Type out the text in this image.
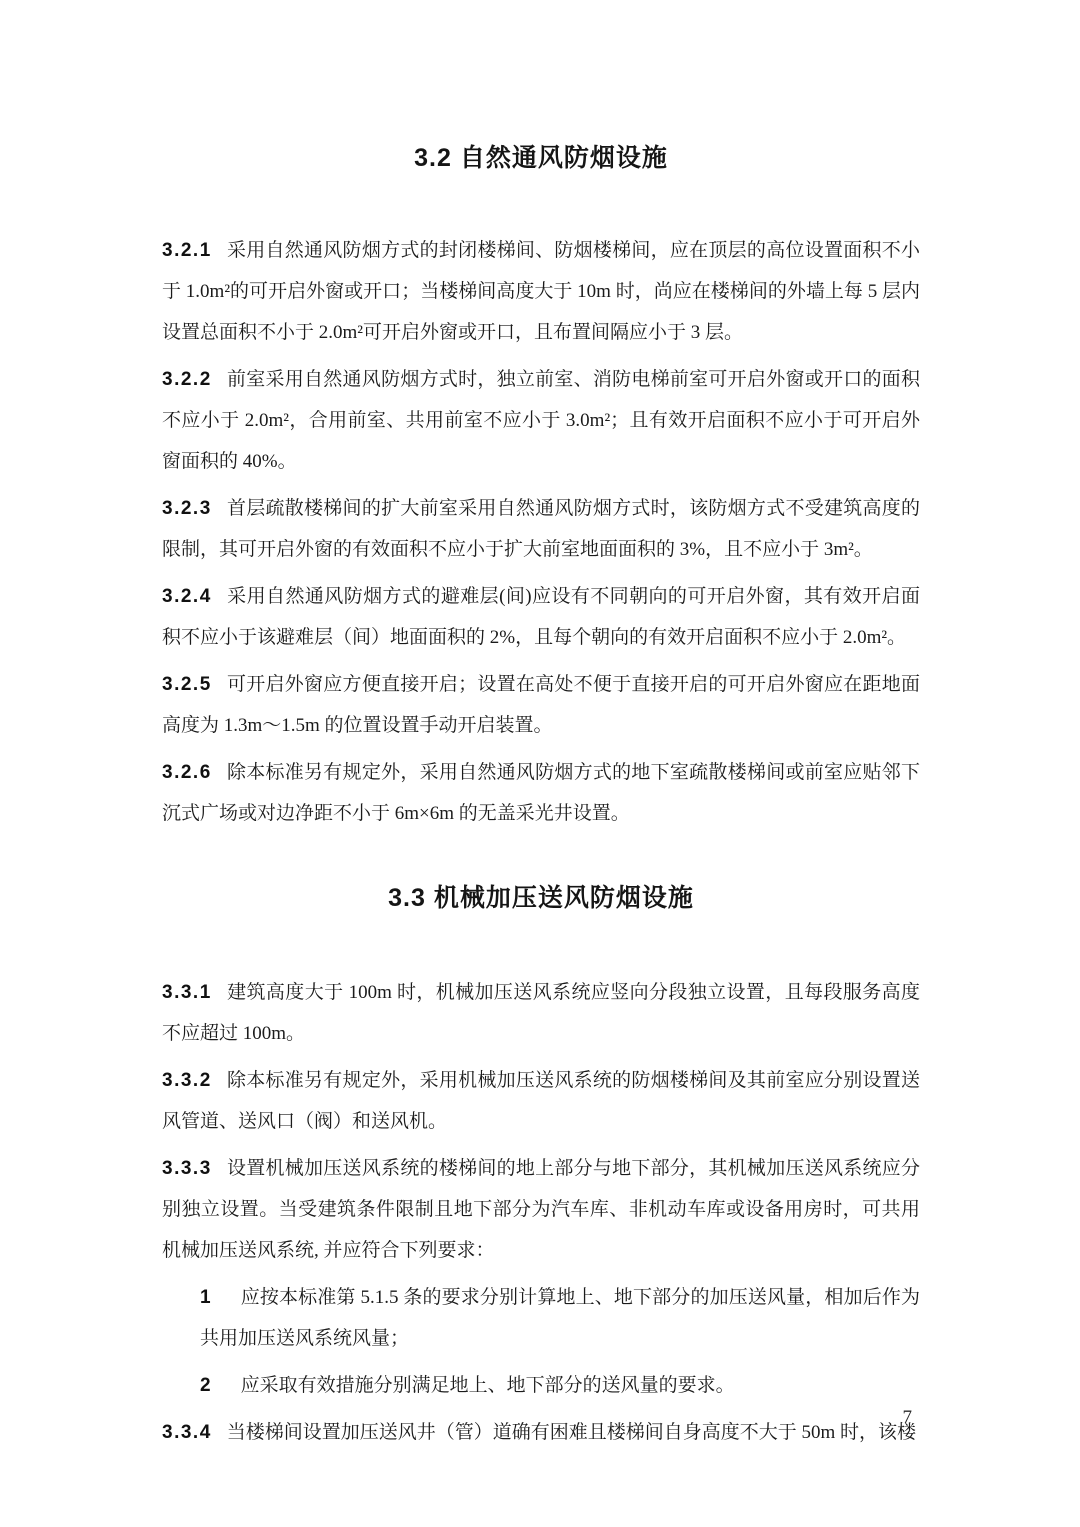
3.2 自然通风防烟设施

3.2.1 采用自然通风防烟方式的封闭楼梯间、防烟楼梯间，应在顶层的高位设置面积不小于 1.0m²的可开启外窗或开口；当楼梯间高度大于 10m 时，尚应在楼梯间的外墙上每 5 层内设置总面积不小于 2.0m²可开启外窗或开口，且布置间隔应小于 3 层。

3.2.2 前室采用自然通风防烟方式时，独立前室、消防电梯前室可开启外窗或开口的面积不应小于 2.0m²，合用前室、共用前室不应小于 3.0m²；且有效开启面积不应小于可开启外窗面积的 40%。

3.2.3 首层疏散楼梯间的扩大前室采用自然通风防烟方式时，该防烟方式不受建筑高度的限制，其可开启外窗的有效面积不应小于扩大前室地面面积的 3%，且不应小于 3m²。

3.2.4 采用自然通风防烟方式的避难层(间)应设有不同朝向的可开启外窗，其有效开启面积不应小于该避难层（间）地面面积的 2%，且每个朝向的有效开启面积不应小于 2.0m²。

3.2.5 可开启外窗应方便直接开启；设置在高处不便于直接开启的可开启外窗应在距地面高度为 1.3m～1.5m 的位置设置手动开启装置。

3.2.6 除本标准另有规定外，采用自然通风防烟方式的地下室疏散楼梯间或前室应贴邻下沉式广场或对边净距不小于 6m×6m 的无盖采光井设置。

3.3 机械加压送风防烟设施

3.3.1 建筑高度大于 100m 时，机械加压送风系统应竖向分段独立设置，且每段服务高度不应超过 100m。

3.3.2 除本标准另有规定外，采用机械加压送风系统的防烟楼梯间及其前室应分别设置送风管道、送风口（阀）和送风机。

3.3.3 设置机械加压送风系统的楼梯间的地上部分与地下部分，其机械加压送风系统应分别独立设置。当受建筑条件限制且地下部分为汽车库、非机动车库或设备用房时，可共用机械加压送风系统, 并应符合下列要求：

1 应按本标准第 5.1.5 条的要求分别计算地上、地下部分的加压送风量，相加后作为共用加压送风系统风量；

2 应采取有效措施分别满足地上、地下部分的送风量的要求。

3.3.4 当楼梯间设置加压送风井（管）道确有困难且楼梯间自身高度不大于 50m 时，该楼

7
